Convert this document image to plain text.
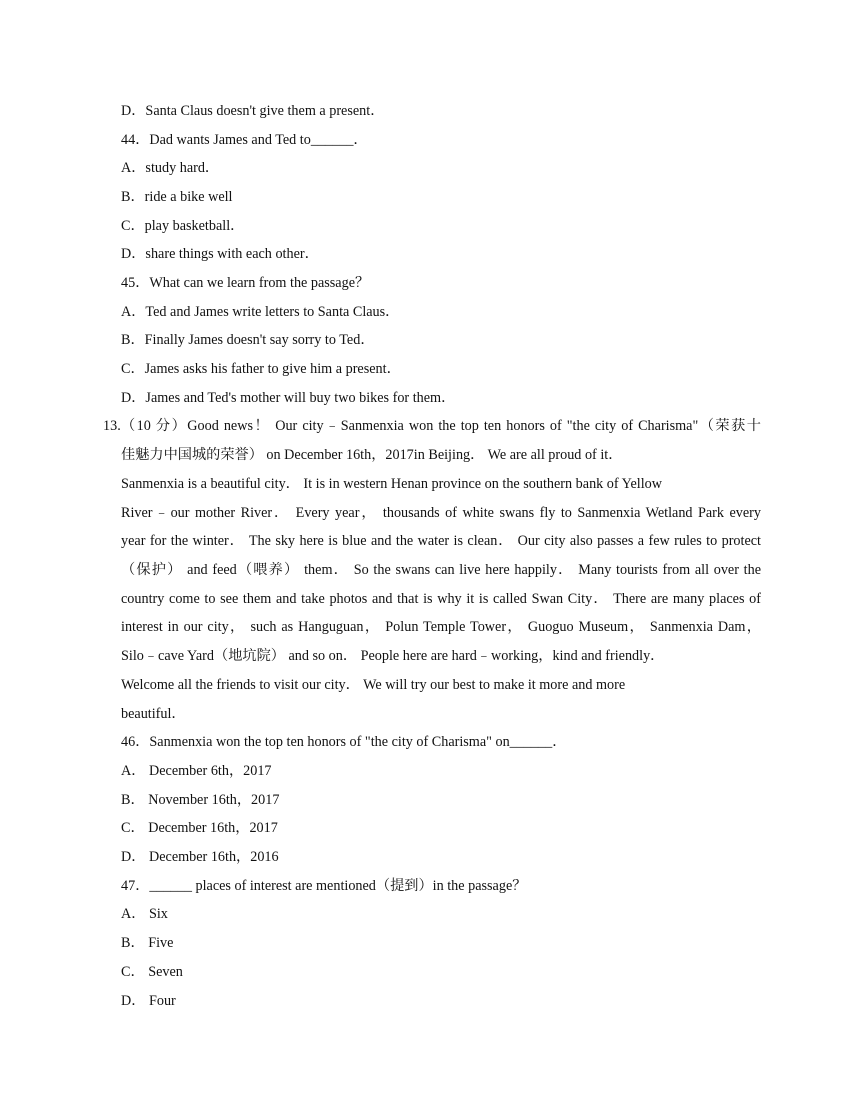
D．Santa Claus doesn't give them a present．
44．Dad wants James and Ted to______．
A．study hard．
B．ride a bike well
C．play basketball．
D．share things with each other．
45．What can we learn from the passage？
A．Ted and James write letters to Santa Claus．
B．Finally James doesn't say sorry to Ted．
C．James asks his father to give him a present．
D．James and Ted's mother will buy two bikes for them．
13. （10 分）Good news！ Our city﹣Sanmenxia won the top ten honors of "the city of Charisma"（荣获十
佳魅力中国城的荣誉） on December 16th，2017in Beijing． We are all proud of it．
Sanmenxia is a beautiful city． It is in western Henan province on the southern bank of Yellow
River﹣our mother River． Every year， thousands of white swans fly to Sanmenxia Wetland Park every
year for the winter． The sky here is blue and the water is clean． Our city also passes a few rules to protect
（保护） and feed（喂养） them． So the swans can live here happily． Many tourists from all over the
country come to see them and take photos and that is why it is called Swan City． There are many places of
interest in our city， such as Hanguguan， Polun Temple Tower， Guoguo Museum， Sanmenxia Dam，
Silo﹣cave Yard（地坑院） and so on． People here are hard﹣working，kind and friendly．
Welcome all the friends to visit our city． We will try our best to make it more and more
beautiful．
46．Sanmenxia won the top ten honors of "the city of Charisma" on______．
A． December 6th，2017
B． November 16th，2017
C． December 16th，2017
D． December 16th，2016
47．______ places of interest are mentioned（提到）in the passage？
A． Six
B． Five
C． Seven
D． Four
